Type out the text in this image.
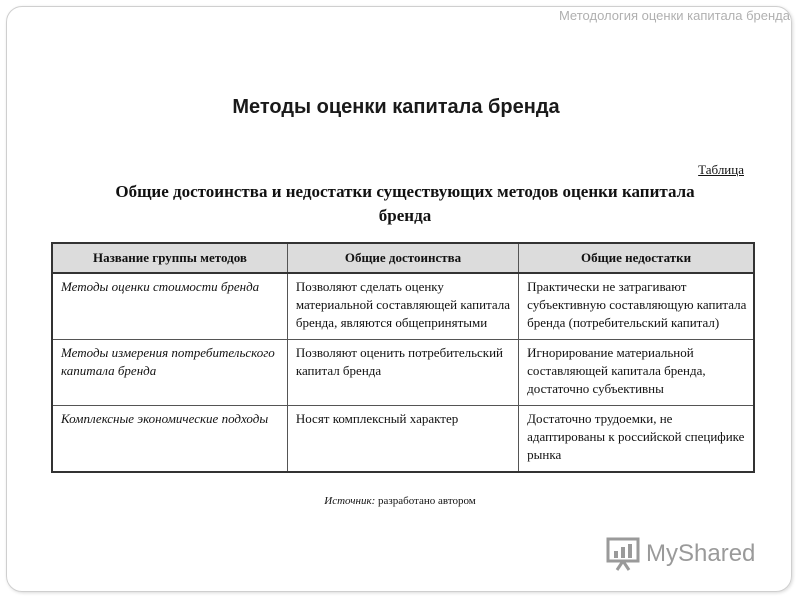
Методология оценки капитала бренда
Методы оценки капитала бренда
Таблица
Общие достоинства и недостатки существующих методов оценки капитала бренда
Название группы методов	Общие достоинства	Общие недостатки
Методы оценки стоимости бренда	Позволяют сделать оценку материальной составляющей капитала бренда, являются общепринятыми	Практически не затрагивают субъективную составляющую капитала бренда (потребительский капитал)
Методы измерения потребительского капитала бренда	Позволяют оценить потребительский капитал бренда	Игнорирование материальной составляющей капитала бренда, достаточно субъективны
Комплексные экономические подходы	Носят комплексный характер	Достаточно трудоемки, не адаптированы к российской специфике рынка
Источник: разработано автором
MyShared
